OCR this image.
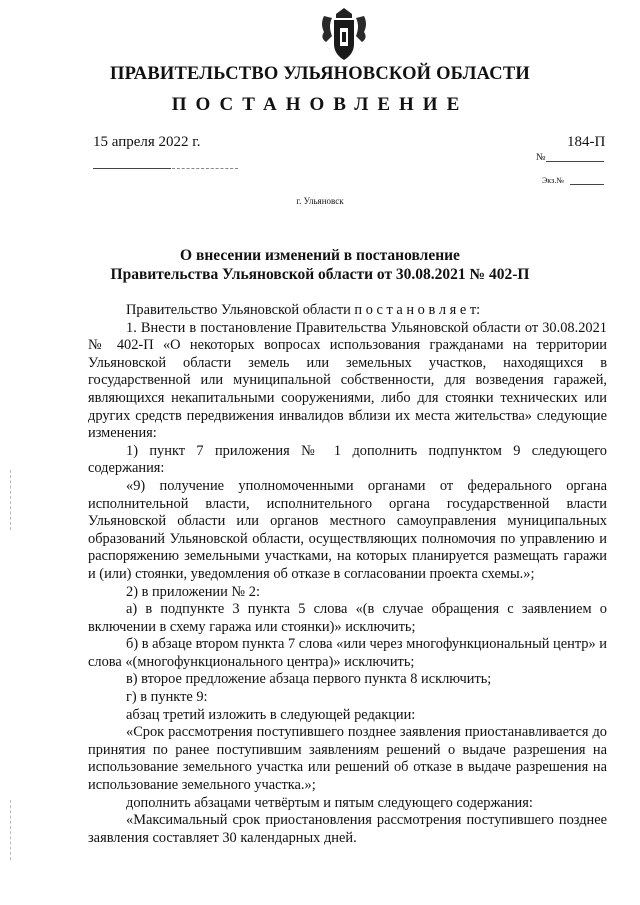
ПРАВИТЕЛЬСТВО УЛЬЯНОВСКОЙ ОБЛАСТИ
ПОСТАНОВЛЕНИЕ
15 апреля 2022 г.	184-П
№
Экз.№
г. Ульяновск
О внесении изменений в постановление
Правительства Ульяновской области от 30.08.2021 № 402-П

Правительство Ульяновской области п о с т а н о в л я е т:

1. Внести в постановление Правительства Ульяновской области от 30.08.2021 № 402-П «О некоторых вопросах использования гражданами на территории Ульяновской области земель или земельных участков, находящихся в государственной или муниципальной собственности, для возведения гаражей, являющихся некапитальными сооружениями, либо для стоянки технических или других средств передвижения инвалидов вблизи их места жительства» следующие изменения:

1) пункт 7 приложения № 1 дополнить подпунктом 9 следующего содержания:

«9) получение уполномоченными органами от федерального органа исполнительной власти, исполнительного органа государственной власти Ульяновской области или органов местного самоуправления муниципальных образований Ульяновской области, осуществляющих полномочия по управлению и распоряжению земельными участками, на которых планируется размещать гаражи и (или) стоянки, уведомления об отказе в согласовании проекта схемы.»;

2) в приложении № 2:

а) в подпункте 3 пункта 5 слова «(в случае обращения с заявлением о включении в схему гаража или стоянки)» исключить;

б) в абзаце втором пункта 7 слова «или через многофункциональный центр» и слова «(многофункционального центра)» исключить;

в) второе предложение абзаца первого пункта 8 исключить;

г) в пункте 9:

абзац третий изложить в следующей редакции:

«Срок рассмотрения поступившего позднее заявления приостанавливается до принятия по ранее поступившим заявлениям решений о выдаче разрешения на использование земельного участка или решений об отказе в выдаче разрешения на использование земельного участка.»;

дополнить абзацами четвёртым и пятым следующего содержания:

«Максимальный срок приостановления рассмотрения поступившего позднее заявления составляет 30 календарных дней.
